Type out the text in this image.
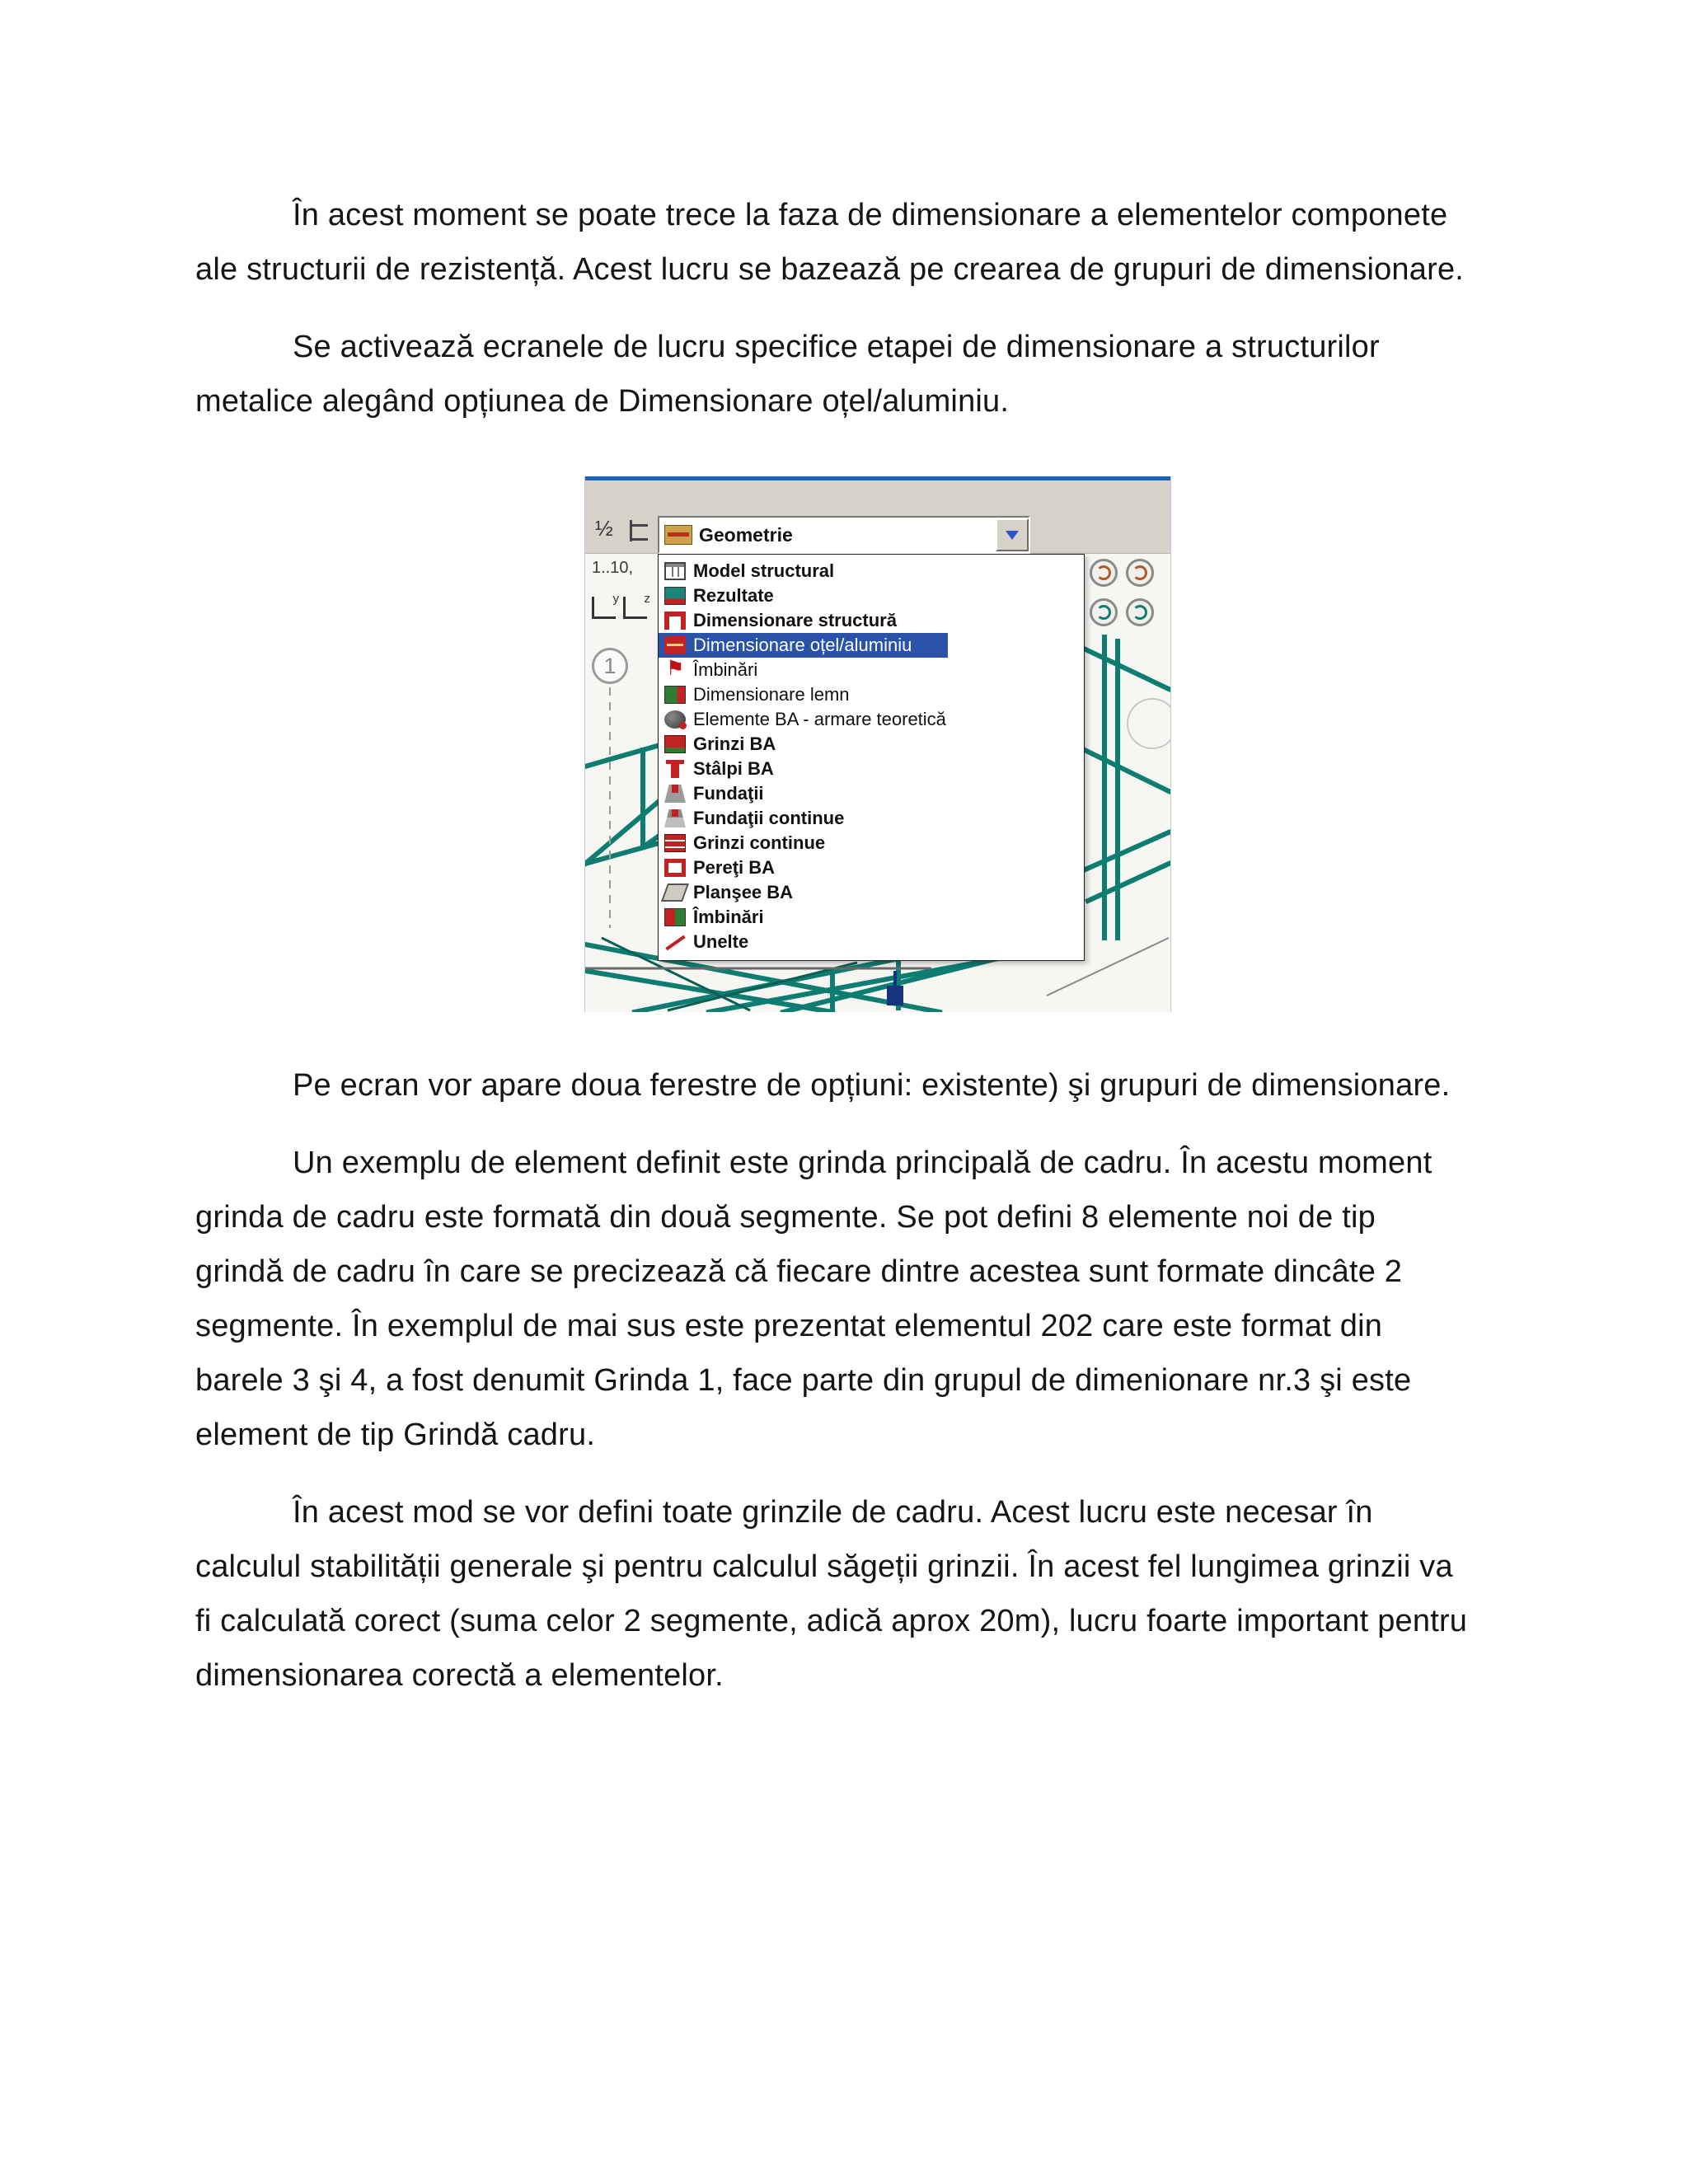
În acest moment se poate trece la faza de dimensionare a elementelor componete ale structurii de rezistență. Acest lucru se bazează pe crearea de grupuri de dimensionare.

Se activează ecranele de lucru specifice etapei de dimensionare a structurilor metalice alegând opțiunea de Dimensionare oțel/aluminiu.

½
Geometrie
1..10,
y
z
1
Model structural
Rezultate
Dimensionare structură
Dimensionare oțel/aluminiu
⚑
Îmbinări
Dimensionare lemn
Elemente BA - armare teoretică
Grinzi BA
Stâlpi BA
Fundaţii
Fundaţii continue
Grinzi continue
Pereţi BA
Planşee BA
Îmbinări
Unelte

Pe ecran vor apare doua ferestre de opțiuni: existente) şi grupuri de dimensionare.

Un exemplu de element definit este grinda principală de cadru. În acestu moment grinda de cadru este formată din două segmente. Se pot defini 8 elemente noi de tip grindă de cadru în care se precizează că fiecare dintre acestea sunt formate dincâte 2 segmente. În exemplul de mai sus este prezentat elementul 202 care este format din barele 3 şi 4, a fost denumit Grinda 1, face parte din grupul de dimenionare nr.3 şi este element de tip Grindă cadru.

În acest mod se vor defini toate grinzile de cadru. Acest lucru este necesar în calculul stabilității generale şi pentru calculul săgeții grinzii. În acest fel lungimea grinzii va fi calculată corect (suma celor 2 segmente, adică aprox 20m), lucru foarte important pentru dimensionarea corectă a elementelor.
